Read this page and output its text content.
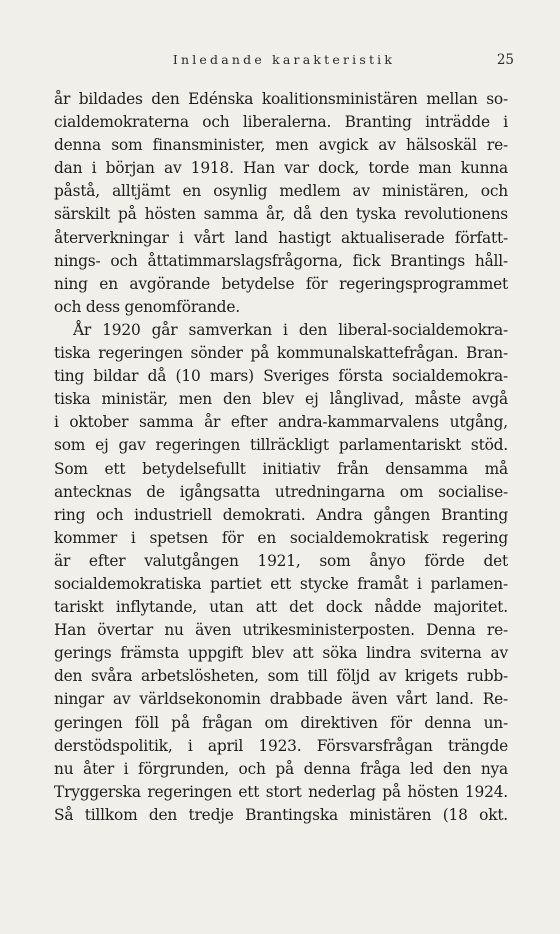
Inledande karakteristik	25
år bildades den Edénska koalitionsministären mellan so-
cialdemokraterna och liberalerna. Branting inträdde i
denna som finansminister, men avgick av hälsoskäl re-
dan i början av 1918. Han var dock, torde man kunna
påstå, alltjämt en osynlig medlem av ministären, och
särskilt på hösten samma år, då den tyska revolutionens
återverkningar i vårt land hastigt aktualiserade författ-
nings- och åttatimmarslagsfrågorna, fick Brantings håll-
ning en avgörande betydelse för regeringsprogrammet
och dess genomförande.
År 1920 går samverkan i den liberal-socialdemokra-
tiska regeringen sönder på kommunalskattefrågan. Bran-
ting bildar då (10 mars) Sveriges första socialdemokra-
tiska ministär, men den blev ej långlivad, måste avgå
i oktober samma år efter andra-kammarvalens utgång,
som ej gav regeringen tillräckligt parlamentariskt stöd.
Som ett betydelsefullt initiativ från densamma må
antecknas de igångsatta utredningarna om socialise-
ring och industriell demokrati. Andra gången Branting
kommer i spetsen för en socialdemokratisk regering
är efter valutgången 1921, som ånyo förde det
socialdemokratiska partiet ett stycke framåt i parlamen-
tariskt inflytande, utan att det dock nådde majoritet.
Han övertar nu även utrikesministerposten. Denna re-
gerings främsta uppgift blev att söka lindra sviterna av
den svåra arbetslösheten, som till följd av krigets rubb-
ningar av världsekonomin drabbade även vårt land. Re-
geringen föll på frågan om direktiven för denna un-
derstödspolitik, i april 1923. Försvarsfrågan trängde
nu åter i förgrunden, och på denna fråga led den nya
Tryggerska regeringen ett stort nederlag på hösten 1924.
Så tillkom den tredje Brantingska ministären (18 okt.
